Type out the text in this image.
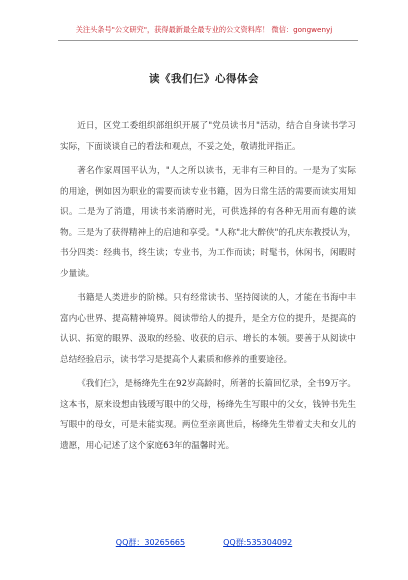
关注头条号"公文研究"，获得最新最全最专业的公文资料库！ 微信：gongwenyj
读《我们仨》心得体会

近日，区党工委组织部组织开展了"党员读书月"活动，结合自身读书学习实际，下面谈谈自己的看法和观点，不妥之处，敬请批评指正。

著名作家周国平认为，"人之所以读书，无非有三种目的。一是为了实际的用途，例如因为职业的需要而读专业书籍，因为日常生活的需要而读实用知识。二是为了消遣，用读书来消磨时光，可供选择的有各种无用而有趣的读物。三是为了获得精神上的启迪和享受。"人称"北大醉侠"的孔庆东教授认为，书分四类：经典书，终生读；专业书，为工作而读；时髦书，休闲书，闲暇时少量读。

书籍是人类进步的阶梯。只有经常读书、坚持阅读的人，才能在书海中丰富内心世界、提高精神境界。阅读带给人的提升，是全方位的提升，是提高的认识、拓宽的眼界、汲取的经验、收获的启示、增长的本领。要善于从阅读中总结经验启示，读书学习是提高个人素质和修养的重要途径。

《我们仨》，是杨绛先生在92岁高龄时，所著的长篇回忆录，全书9万字。这本书，原来设想由钱瑷写眼中的父母，杨绛先生写眼中的父女，钱钟书先生写眼中的母女，可是未能实现。两位至亲离世后，杨绛先生带着丈夫和女儿的遗愿，用心记述了这个家庭63年的温馨时光。

QQ群：30265665	QQ群:535304092
